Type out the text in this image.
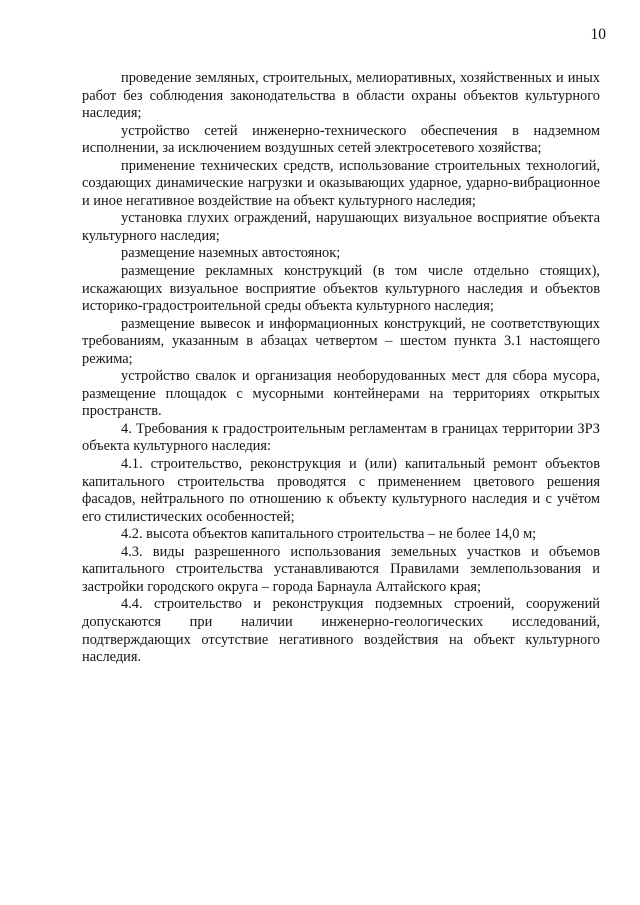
10

проведение земляных, строительных, мелиоративных, хозяйственных и иных работ без соблюдения законодательства в области охраны объектов культурного наследия;

устройство сетей инженерно-технического обеспечения в надземном исполнении, за исключением воздушных сетей электросетевого хозяйства;

применение технических средств, использование строительных технологий, создающих динамические нагрузки и оказывающих ударное, ударно-вибрационное и иное негативное воздействие на объект культурного наследия;

установка глухих ограждений, нарушающих визуальное восприятие объекта культурного наследия;

размещение наземных автостоянок;

размещение рекламных конструкций (в том числе отдельно стоящих), искажающих визуальное восприятие объектов культурного наследия и объектов историко-градостроительной среды объекта культурного наследия;

размещение вывесок и информационных конструкций, не соответствующих требованиям, указанным в абзацах четвертом – шестом пункта 3.1 настоящего режима;

устройство свалок и организация необорудованных мест для сбора мусора, размещение площадок с мусорными контейнерами на территориях открытых пространств.

4. Требования к градостроительным регламентам в границах территории ЗРЗ объекта культурного наследия:

4.1. строительство, реконструкция и (или) капитальный ремонт объектов капитального строительства проводятся с применением цветового решения фасадов, нейтрального по отношению к объекту культурного наследия и с учётом его стилистических особенностей;

4.2. высота объектов капитального строительства – не более 14,0 м;

4.3. виды разрешенного использования земельных участков и объемов капитального строительства устанавливаются Правилами землепользования и застройки городского округа – города Барнаула Алтайского края;

4.4. строительство и реконструкция подземных строений, сооружений допускаются при наличии инженерно-геологических исследований, подтверждающих отсутствие негативного воздействия на объект культурного наследия.
